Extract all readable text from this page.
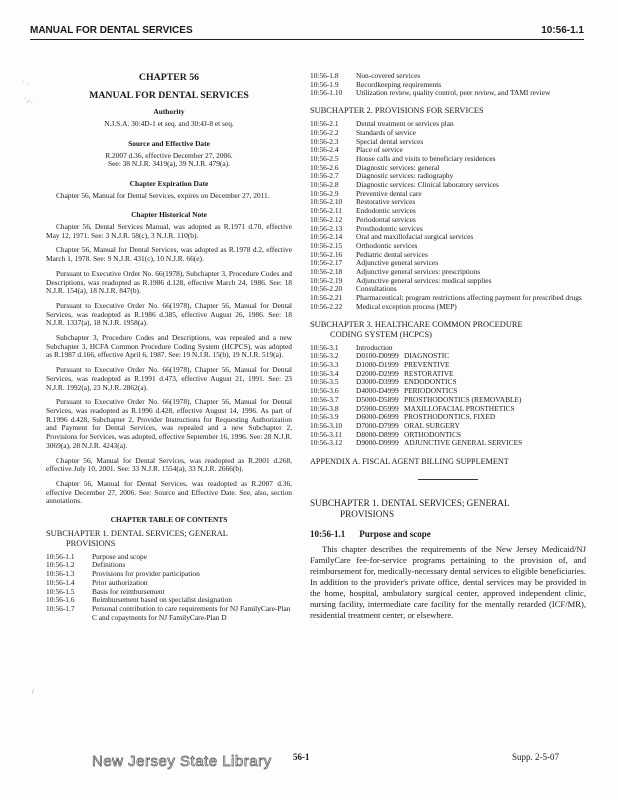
MANUAL FOR DENTAL SERVICES	10:56-1.1
˙ ·
˙-·.
CHAPTER 56
MANUAL FOR DENTAL SERVICES
Authority

N.J.S.A. 30:4D-1 et seq. and 30:4J-8 et seq.

Source and Effective Date

R.2007 d.36, effective December 27, 2006.

See: 38 N.J.R. 3419(a), 39 N.J.R. 479(a).

Chapter Expiration Date

Chapter 56, Manual for Dental Services, expires on December 27, 2011.

Chapter Historical Note

Chapter 56, Dental Services Manual, was adopted as R.1971 d.70, effective May 12, 1971. See: 3 N.J.R. 58(c), 3 N.J.R. 110(b).

Chapter 56, Manual for Dental Services, was adopted as R.1978 d.2, effective March 1, 1978. See: 9 N.J.R. 431(c), 10 N.J.R. 66(e).

Pursuant to Executive Order No. 66(1978), Subchapter 3, Procedure Codes and Descriptions, was readopted as R.1986 d.128, effective March 24, 1986. See: 18 N.J.R. 154(a), 18 N.J.R. 847(b).

Pursuant to Executive Order No. 66(1978), Chapter 56, Manual for Dental Services, was readopted as R.1986 d.385, effective August 26, 1986. See: 18 N.J.R. 1337(a), 18 N.J.R. 1958(a).

Subchapter 3, Procedure Codes and Descriptions, was repealed and a new Subchapter 3, HCFA Common Procedure Coding System (HCPCS), was adopted as R.1987 d.166, effective April 6, 1987. See: 19 N.J.R. 15(b), 19 N.J.R. 519(a).

Pursuant to Executive Order No. 66(1978), Chapter 56, Manual for Dental Services, was readopted as R.1991 d.473, effective August 21, 1991. See: 23 N.J.R. 1992(a), 23 N.J.R. 2862(a).

Pursuant to Executive Order No. 66(1978), Chapter 56, Manual for Dental Services, was readopted as R.1996 d.428, effective August 14, 1996. As part of R.1996 d.428, Subchapter 2, Provider Instructions for Requesting Authorization and Payment for Dental Services, was repealed and a new Subchapter 2, Provisions for Services, was adopted, effective September 16, 1996. See: 28 N.J.R. 3069(a), 28 N.J.R. 4243(a).

Chapter 56, Manual for Dental Services, was readopted as R.2001 d.268, effective July 10, 2001. See: 33 N.J.R. 1554(a), 33 N.J.R. 2666(b).

Chapter 56, Manual for Dental Services, was readopted as R.2007 d.36, effective December 27, 2006. See: Source and Effective Date. See, also, section annotations.

CHAPTER TABLE OF CONTENTS
SUBCHAPTER 1. DENTAL SERVICES; GENERAL
PROVISIONS
10:56-1.1	Purpose and scope
10:56-1.2	Definitions
10:56-1.3	Provisions for provider participation
10:56-1.4	Prior authorization
10:56-1.5	Basis for reimbursement
10:56-1.6	Reimbursement based on specialist designation
10:56-1.7	Personal contribution to care requirements for NJ FamilyCare-Plan C and copayments for NJ FamilyCare-Plan D
10:56-1.8	Non-covered services
10:56-1.9	Recordkeeping requirements
10:56-1.10	Utilization review, quality control, peer review, and TAMI review
SUBCHAPTER 2. PROVISIONS FOR SERVICES
10:56-2.1	Dental treatment or services plan
10:56-2.2	Standards of service
10:56-2.3	Special dental services
10:56-2.4	Place of service
10:56-2.5	House calls and visits to beneficiary residences
10:56-2.6	Diagnostic services: general
10:56-2.7	Diagnostic services: radiography
10:56-2.8	Diagnostic services: Clinical laboratory services
10:56-2.9	Preventive dental care
10:56-2.10	Restorative services
10:56-2.11	Endodontic services
10:56-2.12	Periodontal services
10:56-2.13	Prosthodontic services
10:56-2.14	Oral and maxillofacial surgical services
10:56-2.15	Orthodontic services
10:56-2.16	Pediatric dental services
10:56-2.17	Adjunctive general services
10:56-2.18	Adjunctive general services: prescriptions
10:56-2.19	Adjunctive general services: medical supplies
10:56-2.20	Consultations
10:56-2.21	Pharmaceutical: program restrictions affecting payment for prescribed drugs
10:56-2.22	Medical exception process (MEP)
SUBCHAPTER 3. HEALTHCARE COMMON PROCEDURE
CODING SYSTEM (HCPCS)
10:56-3.1	Introduction
10:56-3.2	D0100-D0999 DIAGNOSTIC
10:56-3.3	D1000-D1999 PREVENTIVE
10:56-3.4	D2000-D2999 RESTORATIVE
10:56-3.5	D3000-D3999 ENDODONTICS
10:56-3.6	D4000-D4999 PERIODONTICS
10:56-3.7	D5000-D5899 PROSTHODONTICS (REMOVABLE)
10:56-3.8	D5900-D5999 MAXILLOFACIAL PROSTHETICS
10:56-3.9	D6000-D6999 PROSTHODONTICS, FIXED
10:56-3.10	D7000-D7999 ORAL SURGERY
10:56-3.11	D8000-D8999 ORTHODONTICS
10:56-3.12	D9000-D9999 ADJUNCTIVE GENERAL SERVICES
APPENDIX A. FISCAL AGENT BILLING SUPPLEMENT
SUBCHAPTER 1. DENTAL SERVICES; GENERAL
PROVISIONS
10:56-1.1 Purpose and scope

This chapter describes the requirements of the New Jersey Medicaid/NJ FamilyCare fee-for-service programs pertaining to the provision of, and reimbursement for, medically-necessary dental services to eligible beneficiaries. In addition to the provider's private office, dental services may be provided in the home, hospital, ambulatory surgical center, approved independent clinic, nursing facility, intermediate care facility for the mentally retarded (ICF/MR), residential treatment center, or elsewhere.

/
New Jersey State Library 56-1	Supp. 2-5-07
